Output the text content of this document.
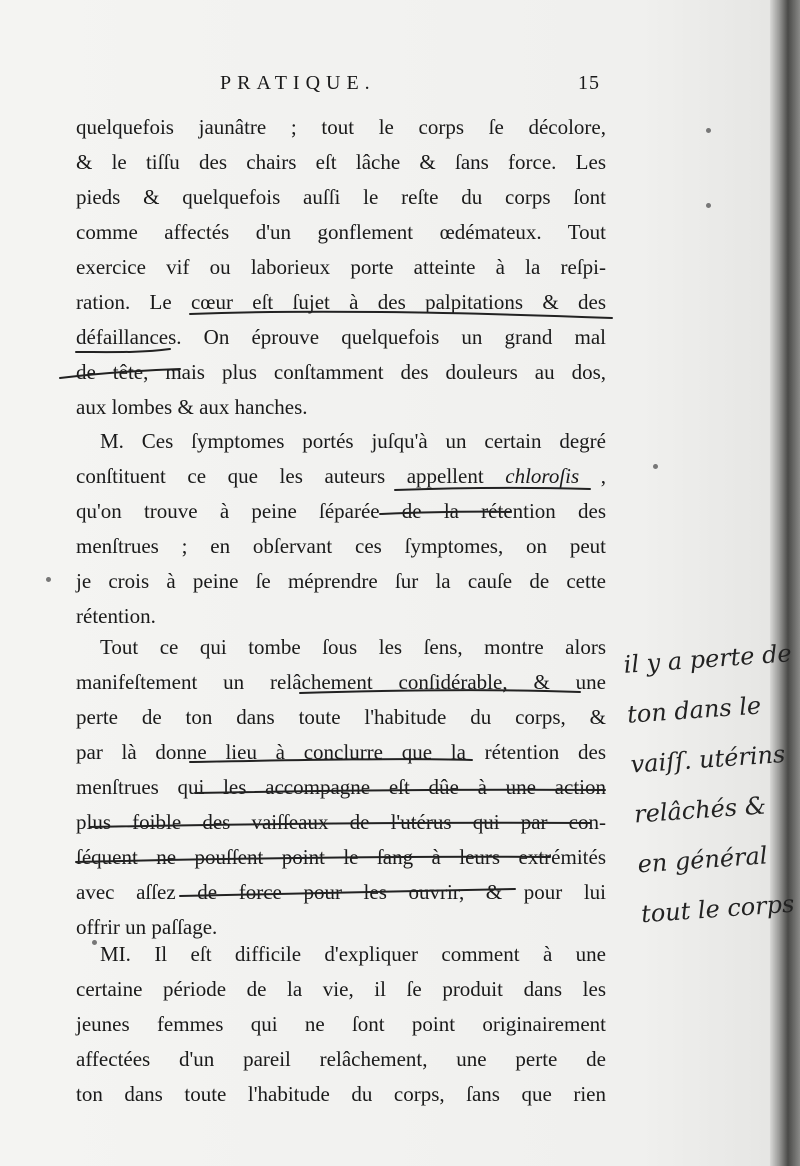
PRATIQUE.	15
quelquefois jaunâtre ; tout le corps ſe décolore,
& le tiſſu des chairs eſt lâche & ſans force. Les
pieds & quelquefois auſſi le reſte du corps ſont
comme affectés d'un gonflement œdémateux. Tout
exercice vif ou laborieux porte atteinte à la reſpi-
ration. Le cœur eſt ſujet à des palpitations & des
défaillances. On éprouve quelquefois un grand mal
de tête, mais plus conſtamment des douleurs au dos,
aux lombes & aux hanches.
M. Ces ſymptomes portés juſqu'à un certain degré
conſtituent ce que les auteurs appellent chloroſis ,
qu'on trouve à peine ſéparée de la rétention des
menſtrues ; en obſervant ces ſymptomes, on peut
je crois à peine ſe méprendre ſur la cauſe de cette
rétention.
Tout ce qui tombe ſous les ſens, montre alors
manifeſtement un relâchement conſidérable, & une
perte de ton dans toute l'habitude du corps, &
par là donne lieu à conclurre que la rétention des
menſtrues qui les accompagne eſt dûe à une action
plus foible des vaiſſeaux de l'utérus qui par con-
ſéquent ne pouſſent point le ſang à leurs extrémités
avec aſſez de force pour les ouvrir, & pour lui
offrir un paſſage.
MI. Il eſt difficile d'expliquer comment à une
certaine période de la vie, il ſe produit dans les
jeunes femmes qui ne ſont point originairement
affectées d'un pareil relâchement, une perte de
ton dans toute l'habitude du corps, ſans que rien
il y a perte de
ton dans le
vaiſſ. utérins
relâchés &
en général
tout le corps
